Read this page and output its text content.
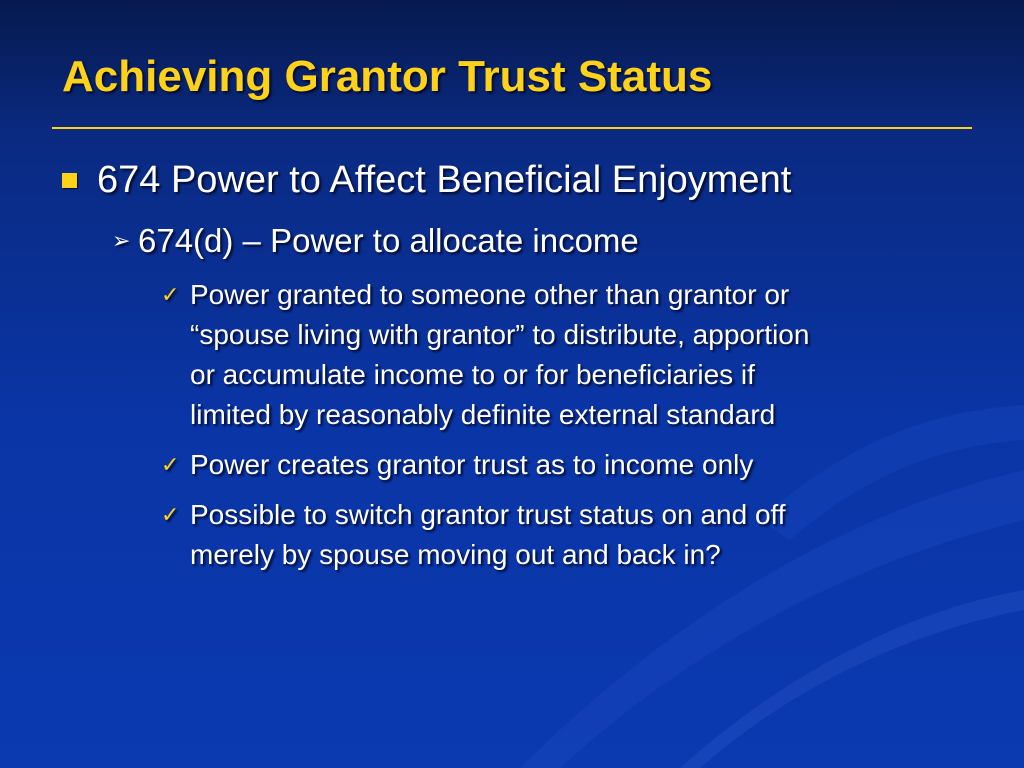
Achieving Grantor Trust Status
674 Power to Affect Beneficial Enjoyment
➢ 674(d) – Power to allocate income
✓ Power granted to someone other than grantor or
“spouse living with grantor” to distribute, apportion
or accumulate income to or for beneficiaries if
limited by reasonably definite external standard
✓ Power creates grantor trust as to income only
✓ Possible to switch grantor trust status on and off
merely by spouse moving out and back in?
